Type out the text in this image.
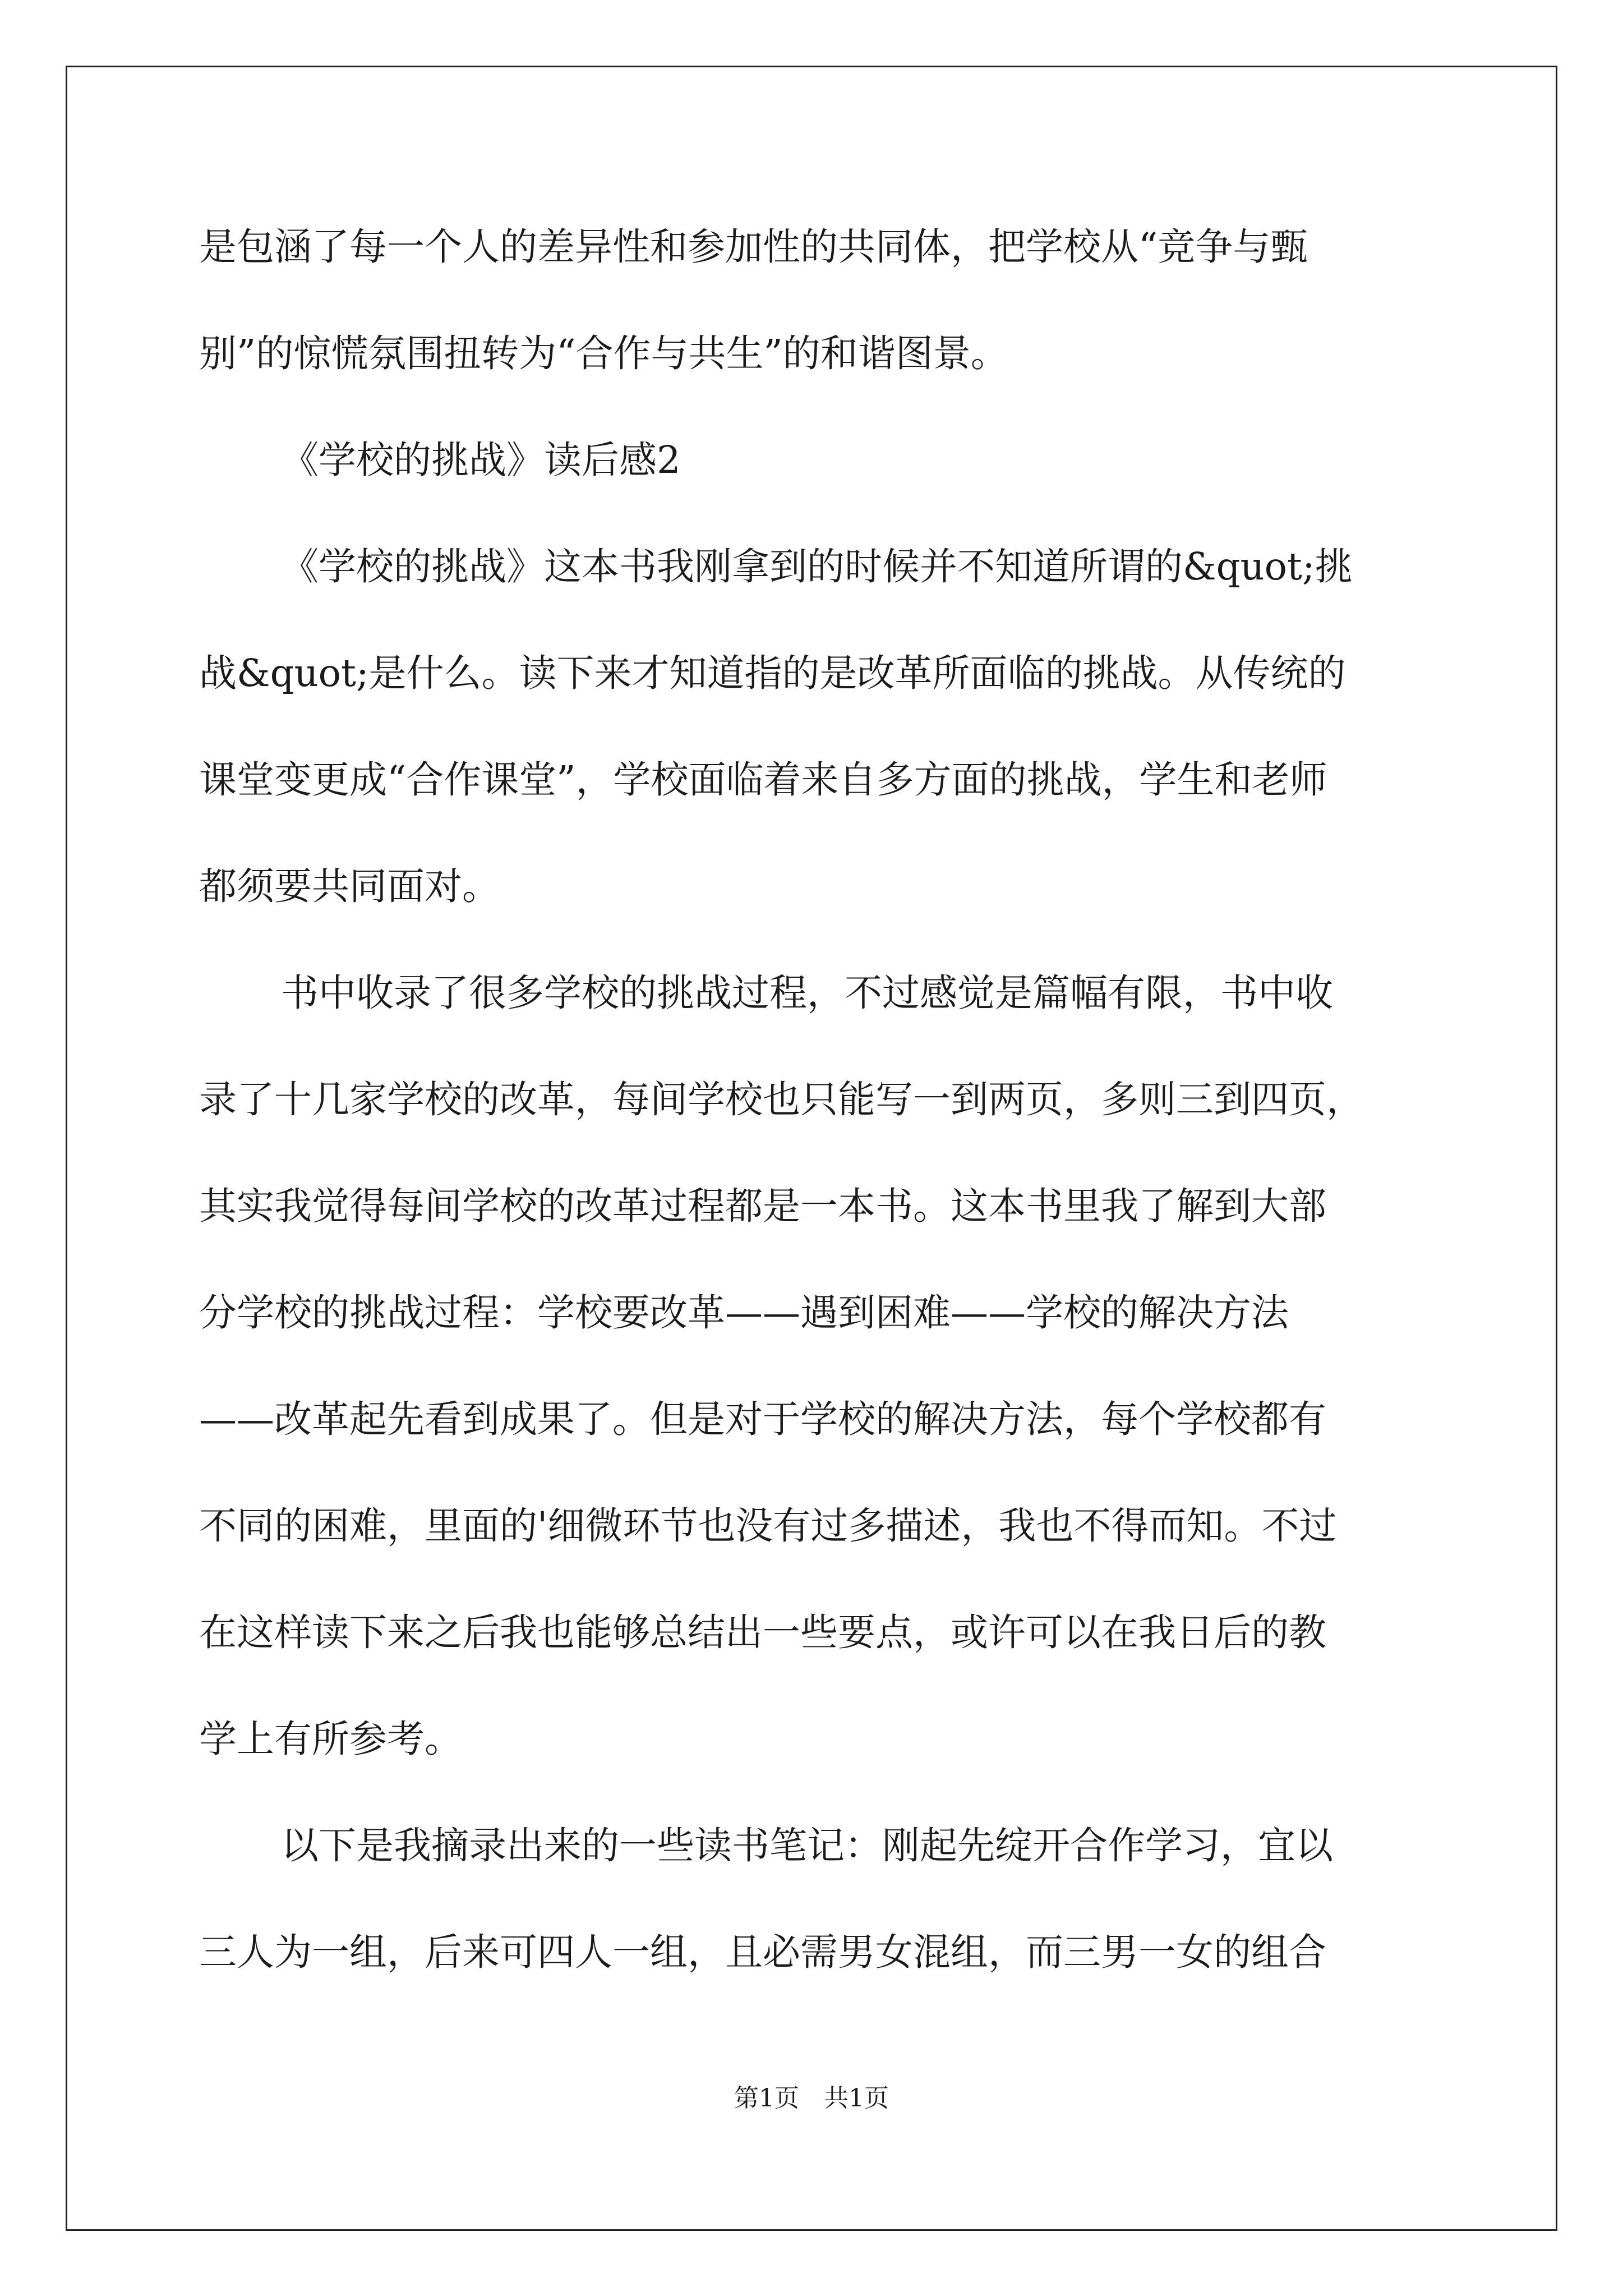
是包涵了每一个人的差异性和参加性的共同体，把学校从“竞争与甄
别”的惊慌氛围扭转为“合作与共生”的和谐图景。
《学校的挑战》读后感2
《学校的挑战》这本书我刚拿到的时候并不知道所谓的&quot;挑
战&quot;是什么。读下来才知道指的是改革所面临的挑战。从传统的
课堂变更成“合作课堂”，学校面临着来自多方面的挑战，学生和老师
都须要共同面对。
书中收录了很多学校的挑战过程，不过感觉是篇幅有限，书中收
录了十几家学校的改革，每间学校也只能写一到两页，多则三到四页，
其实我觉得每间学校的改革过程都是一本书。这本书里我了解到大部
分学校的挑战过程：学校要改革——遇到困难——学校的解决方法
——改革起先看到成果了。但是对于学校的解决方法，每个学校都有
不同的困难，里面的'细微环节也没有过多描述，我也不得而知。不过
在这样读下来之后我也能够总结出一些要点，或许可以在我日后的教
学上有所参考。
以下是我摘录出来的一些读书笔记：刚起先绽开合作学习，宜以
三人为一组，后来可四人一组，且必需男女混组，而三男一女的组合
第1页 共1页
